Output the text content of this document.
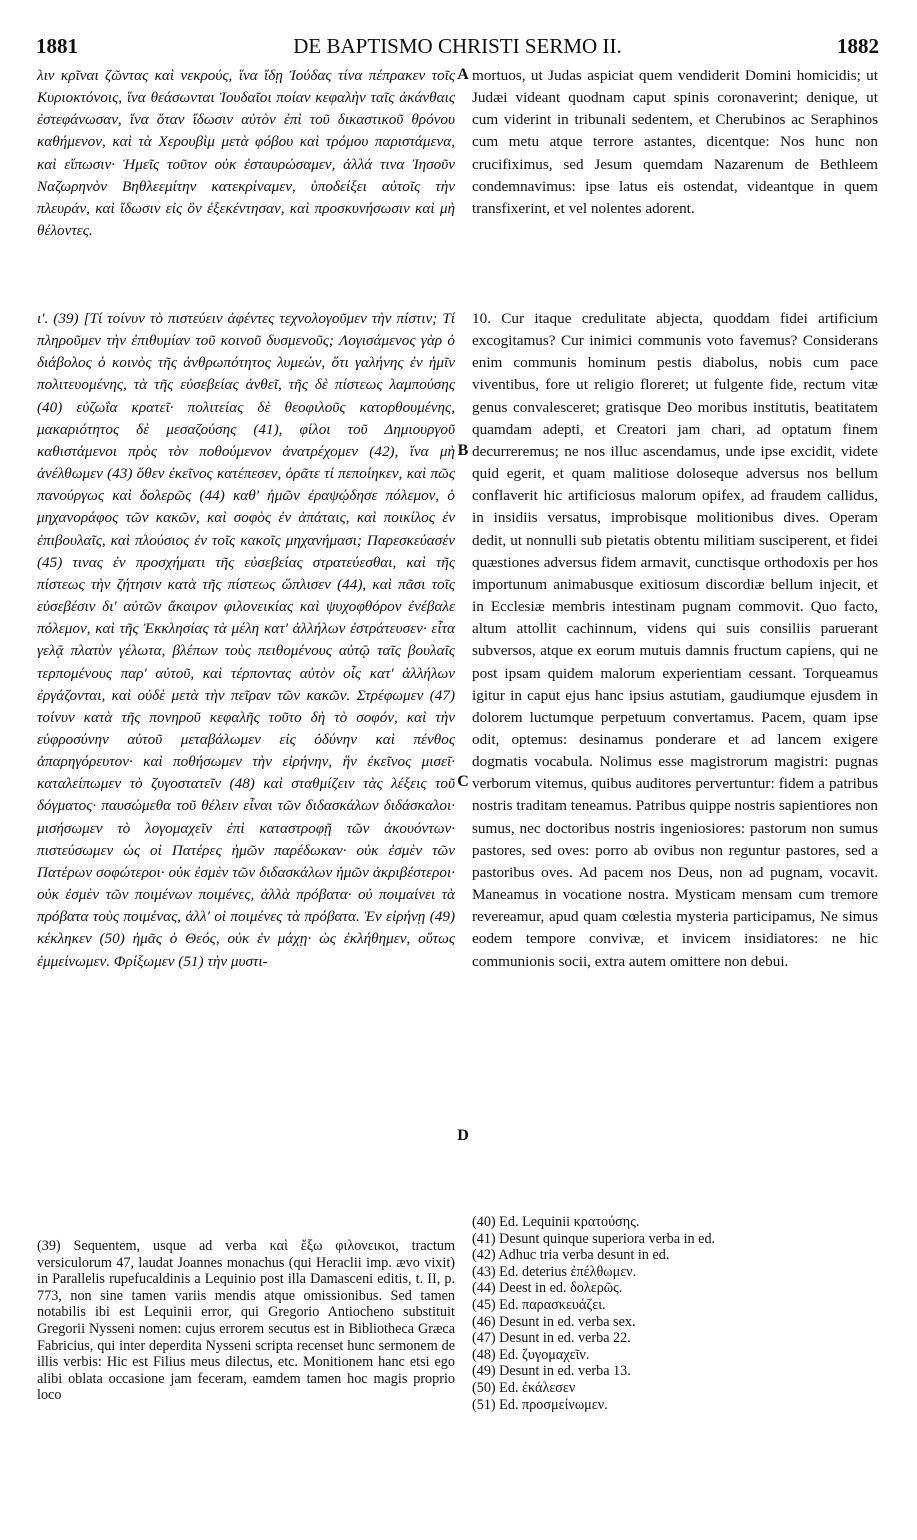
1881	DE BAPTISMO CHRISTI SERMO II.	1882

λιν κρῖναι ζῶντας καὶ νεκρούς, ἵνα ἴδῃ Ἰούδας τίνα πέπρακεν τοῖς Κυριοκτόνοις, ἵνα θεάσωνται Ἰουδαῖοι ποίαν κεφαλὴν ταῖς ἀκάνθαις ἐστεφάνωσαν, ἵνα ὅταν ἴδωσιν αὐτὸν ἐπὶ τοῦ δικαστικοῦ θρόνου καθήμενον, καὶ τὰ Χερουβὶμ μετὰ φόβου καὶ τρόμου παριστάμενα, καὶ εἴπωσιν· Ἡμεῖς τοῦτον οὐκ ἐσταυρώσαμεν, ἀλλά τινα Ἰησοῦν Ναζωρηνὸν Βηθλεεμίτην κατεκρίναμεν, ὑποδείξει αὐτοῖς τὴν πλευράν, καὶ ἴδωσιν εἰς ὃν ἐξεκέντησαν, καὶ προσκυνήσωσιν καὶ μὴ θέλοντες.

ι'. (39) [Τί τοίνυν τὸ πιστεύειν ἀφέντες τεχνολογοῦμεν τὴν πίστιν; Τί πληροῦμεν τὴν ἐπιθυμίαν τοῦ κοινοῦ δυσμενοῦς; Λογισάμενος γὰρ ὁ διάβολος ὁ κοινὸς τῆς ἀνθρωπότητος λυμεών, ὅτι γαλήνης ἐν ἡμῖν πολιτευομένης, τὰ τῆς εὐσεβείας ἀνθεῖ, τῆς δὲ πίστεως λαμπούσης (40) εὐζωΐα κρατεῖ· πολιτείας δὲ θεοφιλοῦς κατορθουμένης, μακαριότητος δὲ μεσαζούσης (41), φίλοι τοῦ Δημιουργοῦ καθιστάμενοι πρὸς τὸν ποθούμενον ἀνατρέχομεν (42), ἵνα μὴ ἀνέλθωμεν (43) ὅθεν ἐκεῖνος κατέπεσεν, ὁρᾶτε τί πεποίηκεν, καὶ πῶς πανούργως καὶ δολερῶς (44) καθ' ἡμῶν ἐραψῴδησε πόλεμον, ὁ μηχανοράφος τῶν κακῶν, καὶ σοφὸς ἐν ἀπάταις, καὶ ποικίλος ἐν ἐπιβουλαῖς, καὶ πλούσιος ἐν τοῖς κακοῖς μηχανήμασι; Παρεσκεύασέν (45) τινας ἐν προσχήματι τῆς εὐσεβείας στρατεύεσθαι, καὶ τῆς πίστεως τὴν ζήτησιν κατὰ τῆς πίστεως ὥπλισεν (44), καὶ πᾶσι τοῖς εὐσεβέσιν δι' αὐτῶν ἄκαιρον φιλονεικίας καὶ ψυχοφθόρον ἐνέβαλε πόλεμον, καὶ τῆς Ἐκκλησίας τὰ μέλη κατ' ἀλλήλων ἐστράτευσεν· εἶτα γελᾷ πλατὺν γέλωτα, βλέπων τοὺς πειθομένους αὐτῷ ταῖς βουλαῖς τερπομένους παρ' αὐτοῦ, καὶ τέρποντας αὐτὸν οἷς κατ' ἀλλήλων ἐργάζονται, καὶ οὐδὲ μετὰ τὴν πεῖραν τῶν κακῶν. Στρέφωμεν (47) τοίνυν κατὰ τῆς πονηροῦ κεφαλῆς τοῦτο δὴ τὸ σοφόν, καὶ τὴν εὐφροσύνην αὐτοῦ μεταβάλωμεν εἰς ὀδύνην καὶ πένθος ἀπαρηγόρευτον· καὶ ποθήσωμεν τὴν εἰρήνην, ἣν ἐκεῖνος μισεῖ· καταλείπωμεν τὸ ζυγοστατεῖν (48) καὶ σταθμίζειν τὰς λέξεις τοῦ δόγματος· παυσώμεθα τοῦ θέλειν εἶναι τῶν διδασκάλων διδάσκαλοι· μισήσωμεν τὸ λογομαχεῖν ἐπὶ καταστροφῇ τῶν ἀκουόντων· πιστεύσωμεν ὡς οἱ Πατέρες ἡμῶν παρέδωκαν· οὐκ ἐσμὲν τῶν Πατέρων σοφώτεροι· οὐκ ἐσμὲν τῶν διδασκάλων ἡμῶν ἀκριβέστεροι· οὐκ ἐσμὲν τῶν ποιμένων ποιμένες, ἀλλὰ πρόβατα· οὐ ποιμαίνει τὰ πρόβατα τοὺς ποιμένας, ἀλλ' οἱ ποιμένες τὰ πρόβατα. Ἐν εἰρήνῃ (49) κέκληκεν (50) ἡμᾶς ὁ Θεός, οὐκ ἐν μάχῃ· ὡς ἐκλήθημεν, οὕτως ἐμμείνωμεν. Φρίξωμεν (51) τὴν μυστι-

mortuos, ut Judas aspiciat quem vendiderit Domini homicidis; ut Judæi videant quodnam caput spinis coronaverint; denique, ut cum viderint in tribunali sedentem, et Cherubinos ac Seraphinos cum metu atque terrore astantes, dicentque: Nos hunc non crucifiximus, sed Jesum quemdam Nazarenum de Bethleem condemnavimus: ipse latus eis ostendat, videantque in quem transfixerint, et vel nolentes adorent.

10. Cur itaque credulitate abjecta, quoddam fidei artificium excogitamus? Cur inimici communis voto favemus? Considerans enim communis hominum pestis diabolus, nobis cum pace viventibus, fore ut religio floreret; ut fulgente fide, rectum vitæ genus convalesceret; gratisque Deo moribus institutis, beatitatem quamdam adepti, et Creatori jam chari, ad optatum finem decurreremus; ne nos illuc ascendamus, unde ipse excidit, videte quid egerit, et quam malitiose doloseque adversus nos bellum conflaverit hic artificiosus malorum opifex, ad fraudem callidus, in insidiis versatus, improbisque molitionibus dives. Operam dedit, ut nonnulli sub pietatis obtentu militiam susciperent, et fidei quæstiones adversus fidem armavit, cunctisque orthodoxis per hos importunum animabusque exitiosum discordiæ bellum injecit, et in Ecclesiæ membris intestinam pugnam commovit. Quo facto, altum attollit cachinnum, videns qui suis consiliis paruerant subversos, atque ex eorum mutuis damnis fructum capiens, qui ne post ipsam quidem malorum experientiam cessant. Torqueamus igitur in caput ejus hanc ipsius astutiam, gaudiumque ejusdem in dolorem luctumque perpetuum convertamus. Pacem, quam ipse odit, optemus: desinamus ponderare et ad lancem exigere dogmatis vocabula. Nolimus esse magistrorum magistri: pugnas verborum vitemus, quibus auditores pervertuntur: fidem a patribus nostris traditam teneamus. Patribus quippe nostris sapientiores non sumus, nec doctoribus nostris ingeniosiores: pastorum non sumus pastores, sed oves: porro ab ovibus non reguntur pastores, sed a pastoribus oves. Ad pacem nos Deus, non ad pugnam, vocavit. Maneamus in vocatione nostra. Mysticam mensam cum tremore revereamur, apud quam cœlestia mysteria participamus, Ne simus eodem tempore convivæ, et invicem insidiatores: ne hic communionis socii, extra autem omittere non debui.

A
B
C
D

(39) Sequentem, usque ad verba καὶ ἔξω φιλονεικοι, tractum versiculorum 47, laudat Joannes monachus (qui Heraclii imp. ævo vixit) in Parallelis rupefucaldinis a Lequinio post illa Damasceni editis, t. II, p. 773, non sine tamen variis mendis atque omissionibus. Sed tamen notabilis ibi est Lequinii error, qui Gregorio Antiocheno substituit Gregorii Nysseni nomen: cujus errorem secutus est in Bibliotheca Græca Fabricius, qui inter deperdita Nysseni scripta recenset hunc sermonem de illis verbis: Hic est Filius meus dilectus, etc. Monitionem hanc etsi ego alibi oblata occasione jam feceram, eamdem tamen hoc magis proprio loco

(40) Ed. Lequinii κρατούσης.
(41) Desunt quinque superiora verba in ed.
(42) Adhuc tria verba desunt in ed.
(43) Ed. deterius ἐπέλθωμεν.
(44) Deest in ed. δολερῶς.
(45) Ed. παρασκευάζει.
(46) Desunt in ed. verba sex.
(47) Desunt in ed. verba 22.
(48) Ed. ζυγομαχεῖν.
(49) Desunt in ed. verba 13.
(50) Ed. ἐκάλεσεν
(51) Ed. προσμείνωμεν.
